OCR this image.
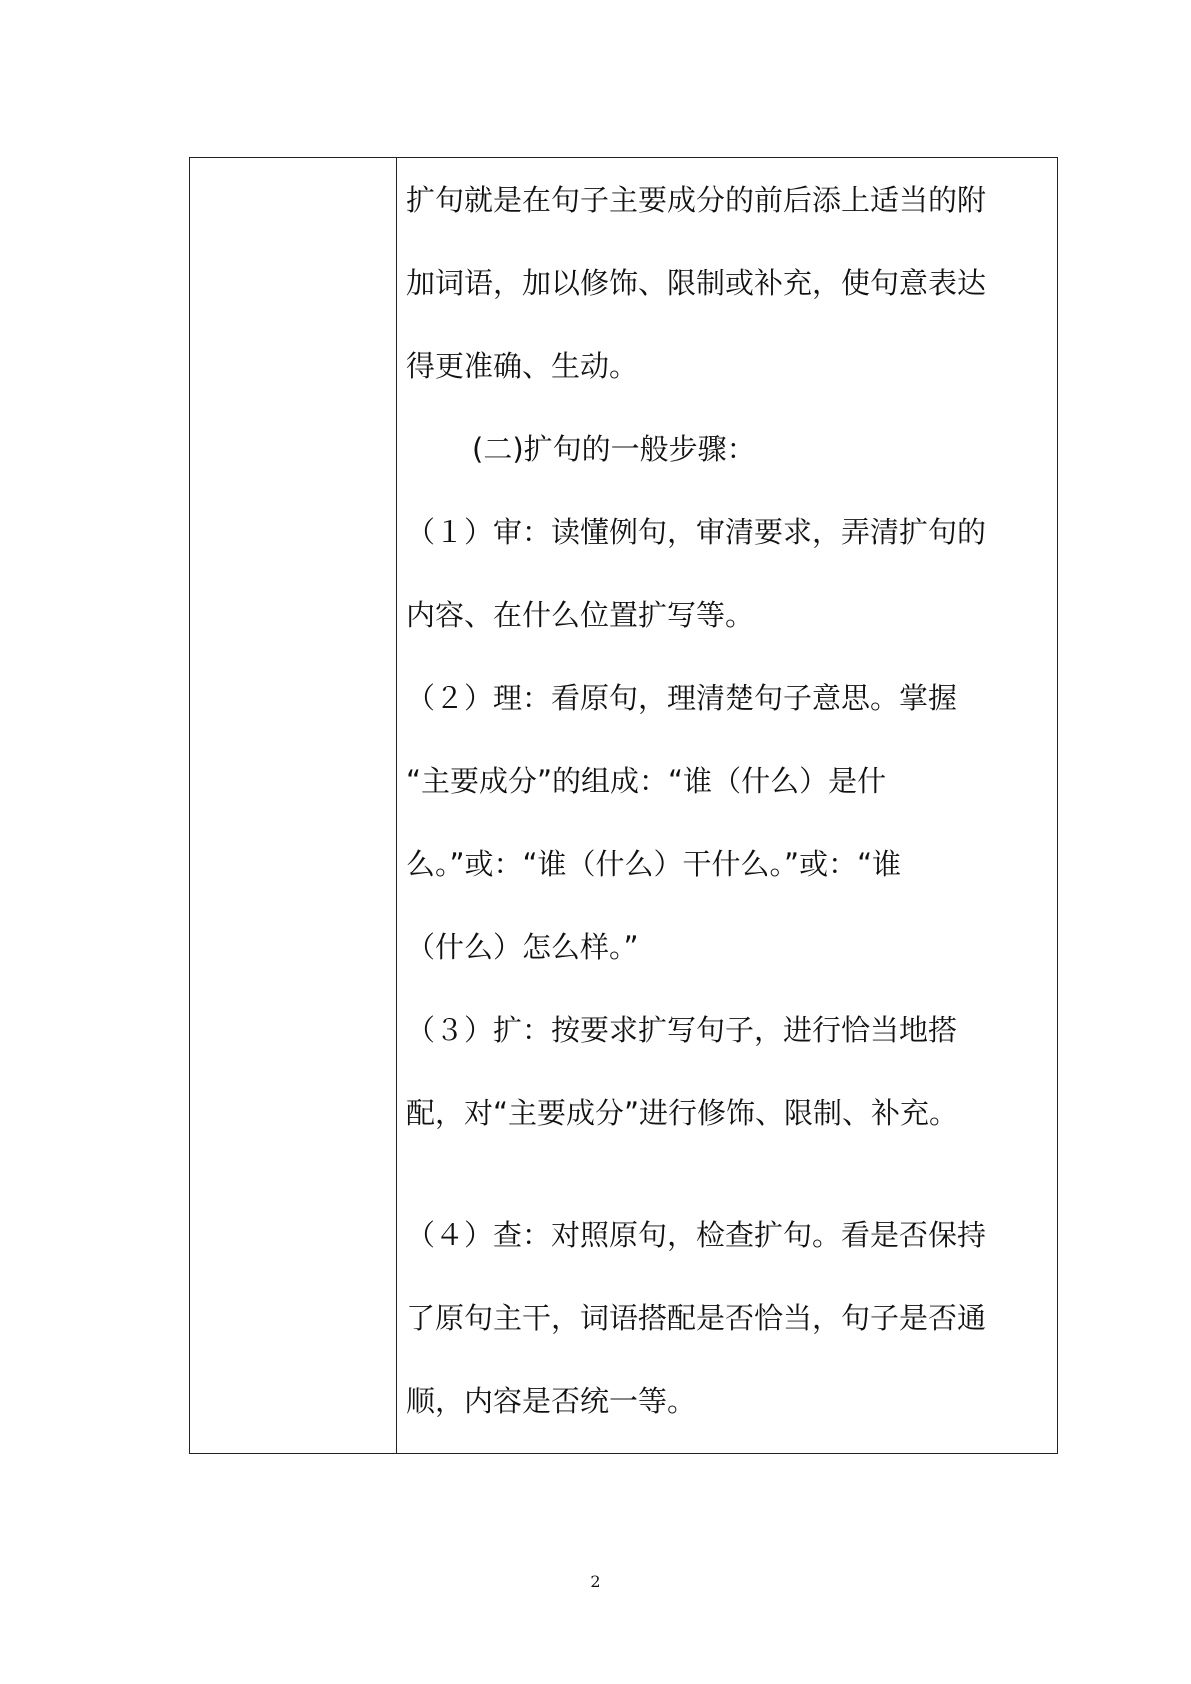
扩句就是在句子主要成分的前后添上适当的附
加词语，加以修饰、限制或补充，使句意表达
得更准确、生动。
(二)扩句的一般步骤：
（１）审：读懂例句，审清要求，弄清扩句的
内容、在什么位置扩写等。
（２）理：看原句，理清楚句子意思。掌握
“主要成分”的组成：“谁（什么）是什
么。”或：“谁（什么）干什么。”或：“谁
（什么）怎么样。”
（３）扩：按要求扩写句子，进行恰当地搭
配，对“主要成分”进行修饰、限制、补充。
（４）查：对照原句，检查扩句。看是否保持
了原句主干，词语搭配是否恰当，句子是否通
顺，内容是否统一等。
2
